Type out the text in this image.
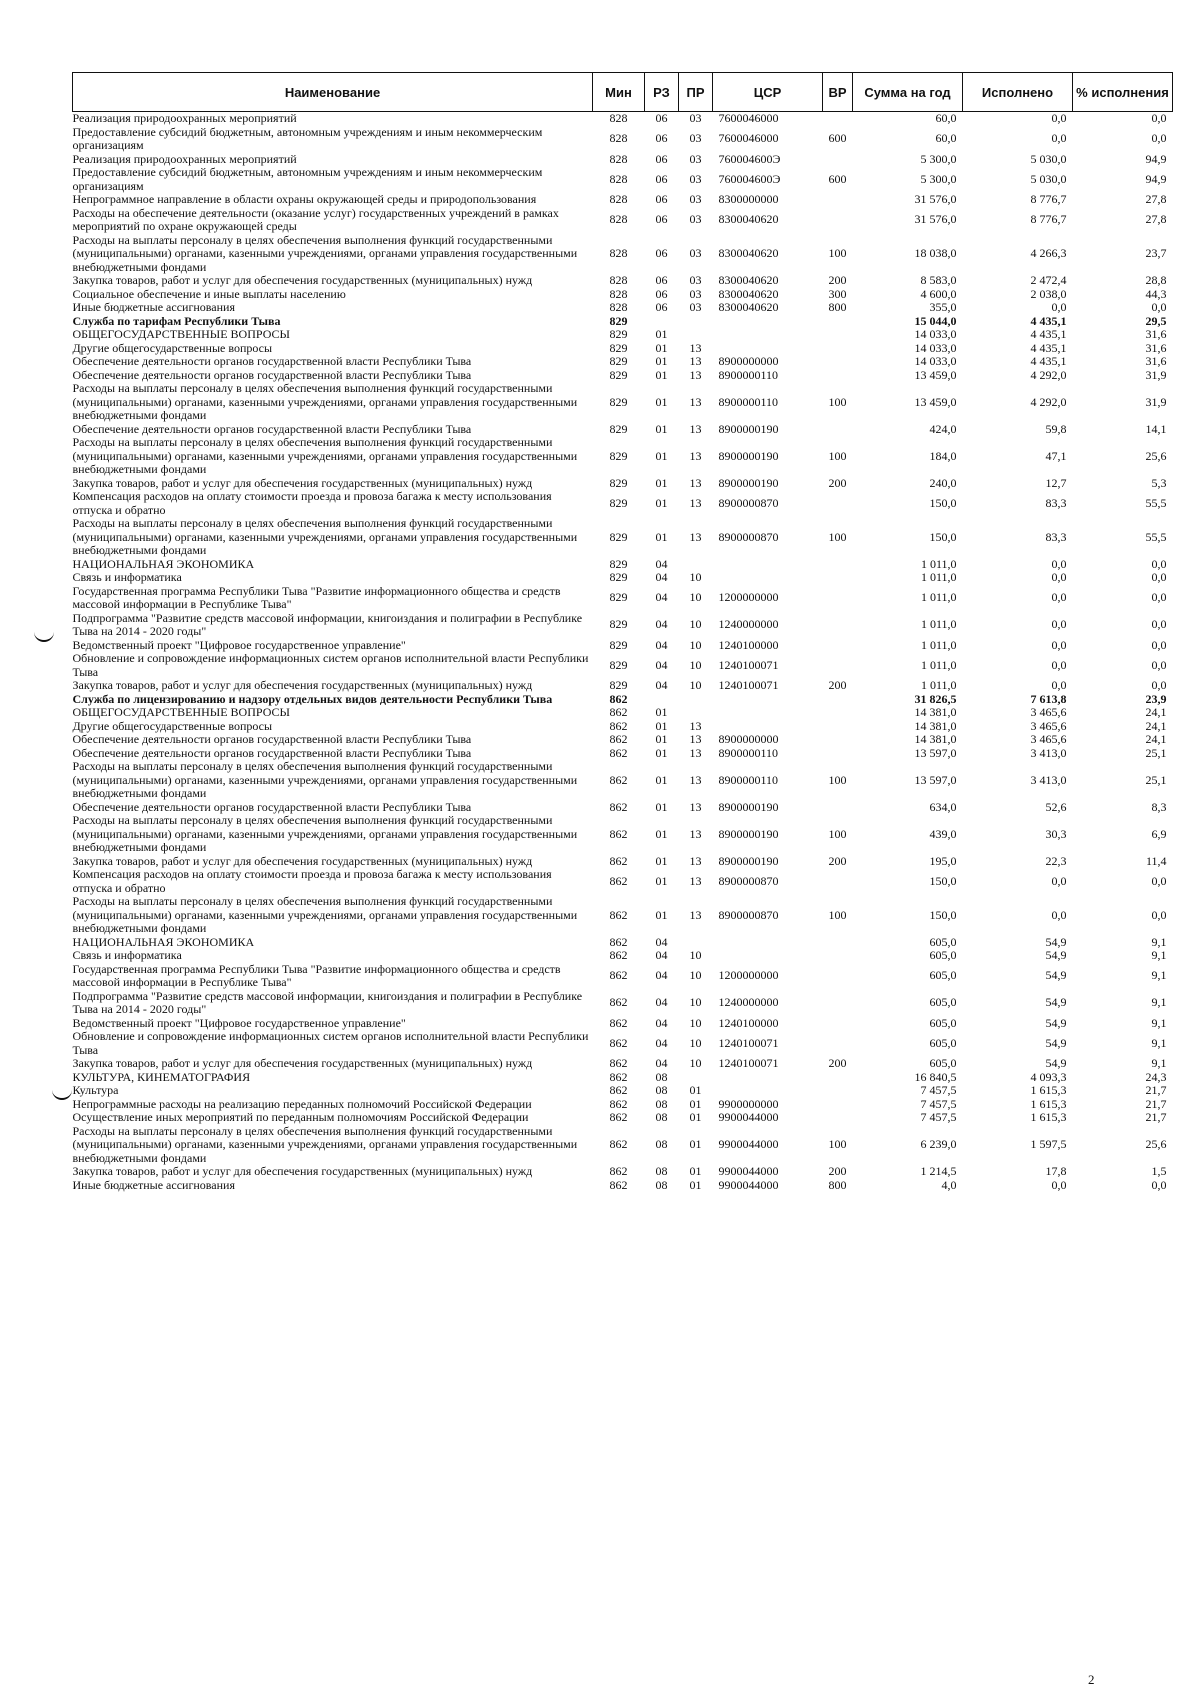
Наименование	Мин	РЗ	ПР	ЦСР	ВР	Сумма на год	Исполнено	% исполнения
Реализация природоохранных мероприятий	828	06	03	7600046000		60,0	0,0	0,0
Предоставление субсидий бюджетным, автономным учреждениям и иным некоммерческим организациям	828	06	03	7600046000	600	60,0	0,0	0,0
Реализация природоохранных мероприятий	828	06	03	760004600Э		5 300,0	5 030,0	94,9
Предоставление субсидий бюджетным, автономным учреждениям и иным некоммерческим организациям	828	06	03	760004600Э	600	5 300,0	5 030,0	94,9
Непрограммное направление в области охраны окружающей среды и природопользования	828	06	03	8300000000		31 576,0	8 776,7	27,8
Расходы на обеспечение деятельности (оказание услуг) государственных учреждений в рамках мероприятий по охране окружающей среды	828	06	03	8300040620		31 576,0	8 776,7	27,8
Расходы на выплаты персоналу в целях обеспечения выполнения функций государственными (муниципальными) органами, казенными учреждениями, органами управления государственными внебюджетными фондами	828	06	03	8300040620	100	18 038,0	4 266,3	23,7
Закупка товаров, работ и услуг для обеспечения государственных (муниципальных) нужд	828	06	03	8300040620	200	8 583,0	2 472,4	28,8
Социальное обеспечение и иные выплаты населению	828	06	03	8300040620	300	4 600,0	2 038,0	44,3
Иные бюджетные ассигнования	828	06	03	8300040620	800	355,0	0,0	0,0
Служба по тарифам Республики Тыва	829					15 044,0	4 435,1	29,5
ОБЩЕГОСУДАРСТВЕННЫЕ ВОПРОСЫ	829	01				14 033,0	4 435,1	31,6
Другие общегосударственные вопросы	829	01	13			14 033,0	4 435,1	31,6
Обеспечение деятельности органов государственной власти Республики Тыва	829	01	13	8900000000		14 033,0	4 435,1	31,6
Обеспечение деятельности органов государственной власти Республики Тыва	829	01	13	8900000110		13 459,0	4 292,0	31,9
Расходы на выплаты персоналу в целях обеспечения выполнения функций государственными (муниципальными) органами, казенными учреждениями, органами управления государственными внебюджетными фондами	829	01	13	8900000110	100	13 459,0	4 292,0	31,9
Обеспечение деятельности органов государственной власти Республики Тыва	829	01	13	8900000190		424,0	59,8	14,1
Расходы на выплаты персоналу в целях обеспечения выполнения функций государственными (муниципальными) органами, казенными учреждениями, органами управления государственными внебюджетными фондами	829	01	13	8900000190	100	184,0	47,1	25,6
Закупка товаров, работ и услуг для обеспечения государственных (муниципальных) нужд	829	01	13	8900000190	200	240,0	12,7	5,3
Компенсация расходов на оплату стоимости проезда и провоза багажа к месту использования отпуска и обратно	829	01	13	8900000870		150,0	83,3	55,5
Расходы на выплаты персоналу в целях обеспечения выполнения функций государственными (муниципальными) органами, казенными учреждениями, органами управления государственными внебюджетными фондами	829	01	13	8900000870	100	150,0	83,3	55,5
НАЦИОНАЛЬНАЯ ЭКОНОМИКА	829	04				1 011,0	0,0	0,0
Связь и информатика	829	04	10			1 011,0	0,0	0,0
Государственная программа Республики Тыва "Развитие информационного общества и средств массовой информации в Республике Тыва"	829	04	10	1200000000		1 011,0	0,0	0,0
Подпрограмма "Развитие средств массовой информации, книгоиздания и полиграфии в Республике Тыва на 2014 - 2020 годы"	829	04	10	1240000000		1 011,0	0,0	0,0
Ведомственный проект "Цифровое государственное управление"	829	04	10	1240100000		1 011,0	0,0	0,0
Обновление и сопровождение информационных систем органов исполнительной власти Республики Тыва	829	04	10	1240100071		1 011,0	0,0	0,0
Закупка товаров, работ и услуг для обеспечения государственных (муниципальных) нужд	829	04	10	1240100071	200	1 011,0	0,0	0,0
Служба по лицензированию и надзору отдельных видов деятельности Республики Тыва	862					31 826,5	7 613,8	23,9
ОБЩЕГОСУДАРСТВЕННЫЕ ВОПРОСЫ	862	01				14 381,0	3 465,6	24,1
Другие общегосударственные вопросы	862	01	13			14 381,0	3 465,6	24,1
Обеспечение деятельности органов государственной власти Республики Тыва	862	01	13	8900000000		14 381,0	3 465,6	24,1
Обеспечение деятельности органов государственной власти Республики Тыва	862	01	13	8900000110		13 597,0	3 413,0	25,1
Расходы на выплаты персоналу в целях обеспечения выполнения функций государственными (муниципальными) органами, казенными учреждениями, органами управления государственными внебюджетными фондами	862	01	13	8900000110	100	13 597,0	3 413,0	25,1
Обеспечение деятельности органов государственной власти Республики Тыва	862	01	13	8900000190		634,0	52,6	8,3
Расходы на выплаты персоналу в целях обеспечения выполнения функций государственными (муниципальными) органами, казенными учреждениями, органами управления государственными внебюджетными фондами	862	01	13	8900000190	100	439,0	30,3	6,9
Закупка товаров, работ и услуг для обеспечения государственных (муниципальных) нужд	862	01	13	8900000190	200	195,0	22,3	11,4
Компенсация расходов на оплату стоимости проезда и провоза багажа к месту использования отпуска и обратно	862	01	13	8900000870		150,0	0,0	0,0
Расходы на выплаты персоналу в целях обеспечения выполнения функций государственными (муниципальными) органами, казенными учреждениями, органами управления государственными внебюджетными фондами	862	01	13	8900000870	100	150,0	0,0	0,0
НАЦИОНАЛЬНАЯ ЭКОНОМИКА	862	04				605,0	54,9	9,1
Связь и информатика	862	04	10			605,0	54,9	9,1
Государственная программа Республики Тыва "Развитие информационного общества и средств массовой информации в Республике Тыва"	862	04	10	1200000000		605,0	54,9	9,1
Подпрограмма "Развитие средств массовой информации, книгоиздания и полиграфии в Республике Тыва на 2014 - 2020 годы"	862	04	10	1240000000		605,0	54,9	9,1
Ведомственный проект "Цифровое государственное управление"	862	04	10	1240100000		605,0	54,9	9,1
Обновление и сопровождение информационных систем органов исполнительной власти Республики Тыва	862	04	10	1240100071		605,0	54,9	9,1
Закупка товаров, работ и услуг для обеспечения государственных (муниципальных) нужд	862	04	10	1240100071	200	605,0	54,9	9,1
КУЛЬТУРА, КИНЕМАТОГРАФИЯ	862	08				16 840,5	4 093,3	24,3
Культура	862	08	01			7 457,5	1 615,3	21,7
Непрограммные расходы на реализацию переданных полномочий Российской Федерации	862	08	01	9900000000		7 457,5	1 615,3	21,7
Осуществление иных мероприятий по переданным полномочиям Российской Федерации	862	08	01	9900044000		7 457,5	1 615,3	21,7
Расходы на выплаты персоналу в целях обеспечения выполнения функций государственными (муниципальными) органами, казенными учреждениями, органами управления государственными внебюджетными фондами	862	08	01	9900044000	100	6 239,0	1 597,5	25,6
Закупка товаров, работ и услуг для обеспечения государственных (муниципальных) нужд	862	08	01	9900044000	200	1 214,5	17,8	1,5
Иные бюджетные ассигнования	862	08	01	9900044000	800	4,0	0,0	0,0
2
